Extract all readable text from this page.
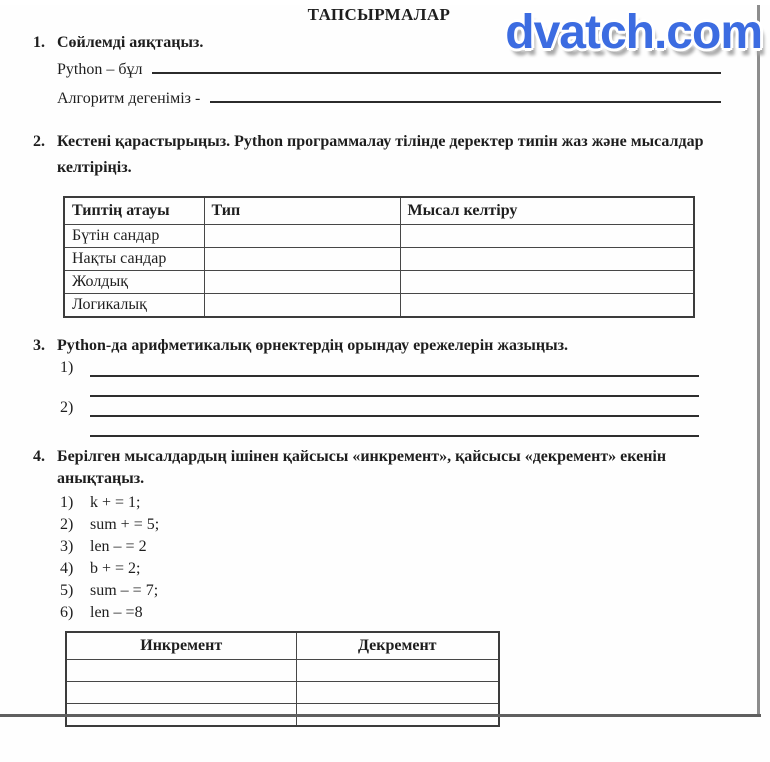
dvatch.com
ТАПСЫРМАЛАР
1. Сөйлемді аяқтаңыз.
Python – бұл
Алгоритм дегеніміз -
2. Кестені қарастырыңыз. Python программалау тілінде деректер типін жаз және мысалдар келтіріңіз.
Типтің атауы	Тип	Мысал келтіру
Бүтін сандар		
Нақты сандар		
Жолдық		
Логикалық		
3. Python-да арифметикалық өрнектердің орындау ережелерін жазыңыз.
1)
2)
4. Берілген мысалдардың ішінен қайсысы «инкремент», қайсысы «декремент» екенін анықтаңыз.
1)	k + = 1;
2)	sum + = 5;
3)	len – = 2
4)	b + = 2;
5)	sum – = 7;
6)	len – =8
Инкремент	Декремент
